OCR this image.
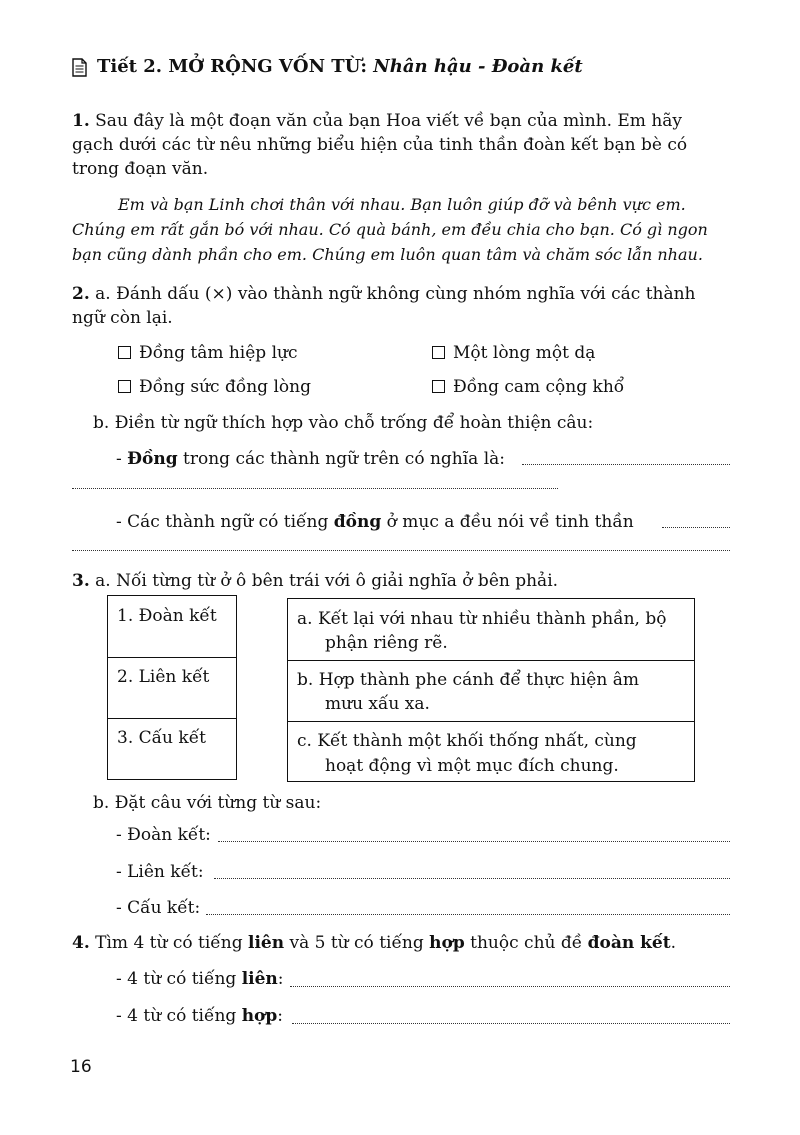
Tiết 2. MỞ RỘNG VỐN TỪ: Nhân hậu - Đoàn kết
1. Sau đây là một đoạn văn của bạn Hoa viết về bạn của mình. Em hãy
gạch dưới các từ nêu những biểu hiện của tinh thần đoàn kết bạn bè có
trong đoạn văn.
Em và bạn Linh chơi thân với nhau. Bạn luôn giúp đỡ và bênh vực em.
Chúng em rất gắn bó với nhau. Có quà bánh, em đều chia cho bạn. Có gì ngon
bạn cũng dành phần cho em. Chúng em luôn quan tâm và chăm sóc lẫn nhau.
2. a. Đánh dấu (×) vào thành ngữ không cùng nhóm nghĩa với các thành
ngữ còn lại.
Đồng tâm hiệp lực	Một lòng một dạ
Đồng sức đồng lòng	Đồng cam cộng khổ
b. Điền từ ngữ thích hợp vào chỗ trống để hoàn thiện câu:
- Đồng trong các thành ngữ trên có nghĩa là:
- Các thành ngữ có tiếng đồng ở mục a đều nói về tinh thần
3. a. Nối từng từ ở ô bên trái với ô giải nghĩa ở bên phải.
1. Đoàn kết
2. Liên kết
3. Cấu kết
a. Kết lại với nhau từ nhiều thành phần, bộ
phận riêng rẽ.
b. Hợp thành phe cánh để thực hiện âm
mưu xấu xa.
c. Kết thành một khối thống nhất, cùng
hoạt động vì một mục đích chung.
b. Đặt câu với từng từ sau:
- Đoàn kết:
- Liên kết:
- Cấu kết:
4. Tìm 4 từ có tiếng liên và 5 từ có tiếng hợp thuộc chủ đề đoàn kết.
- 4 từ có tiếng liên:
- 4 từ có tiếng hợp:
16
